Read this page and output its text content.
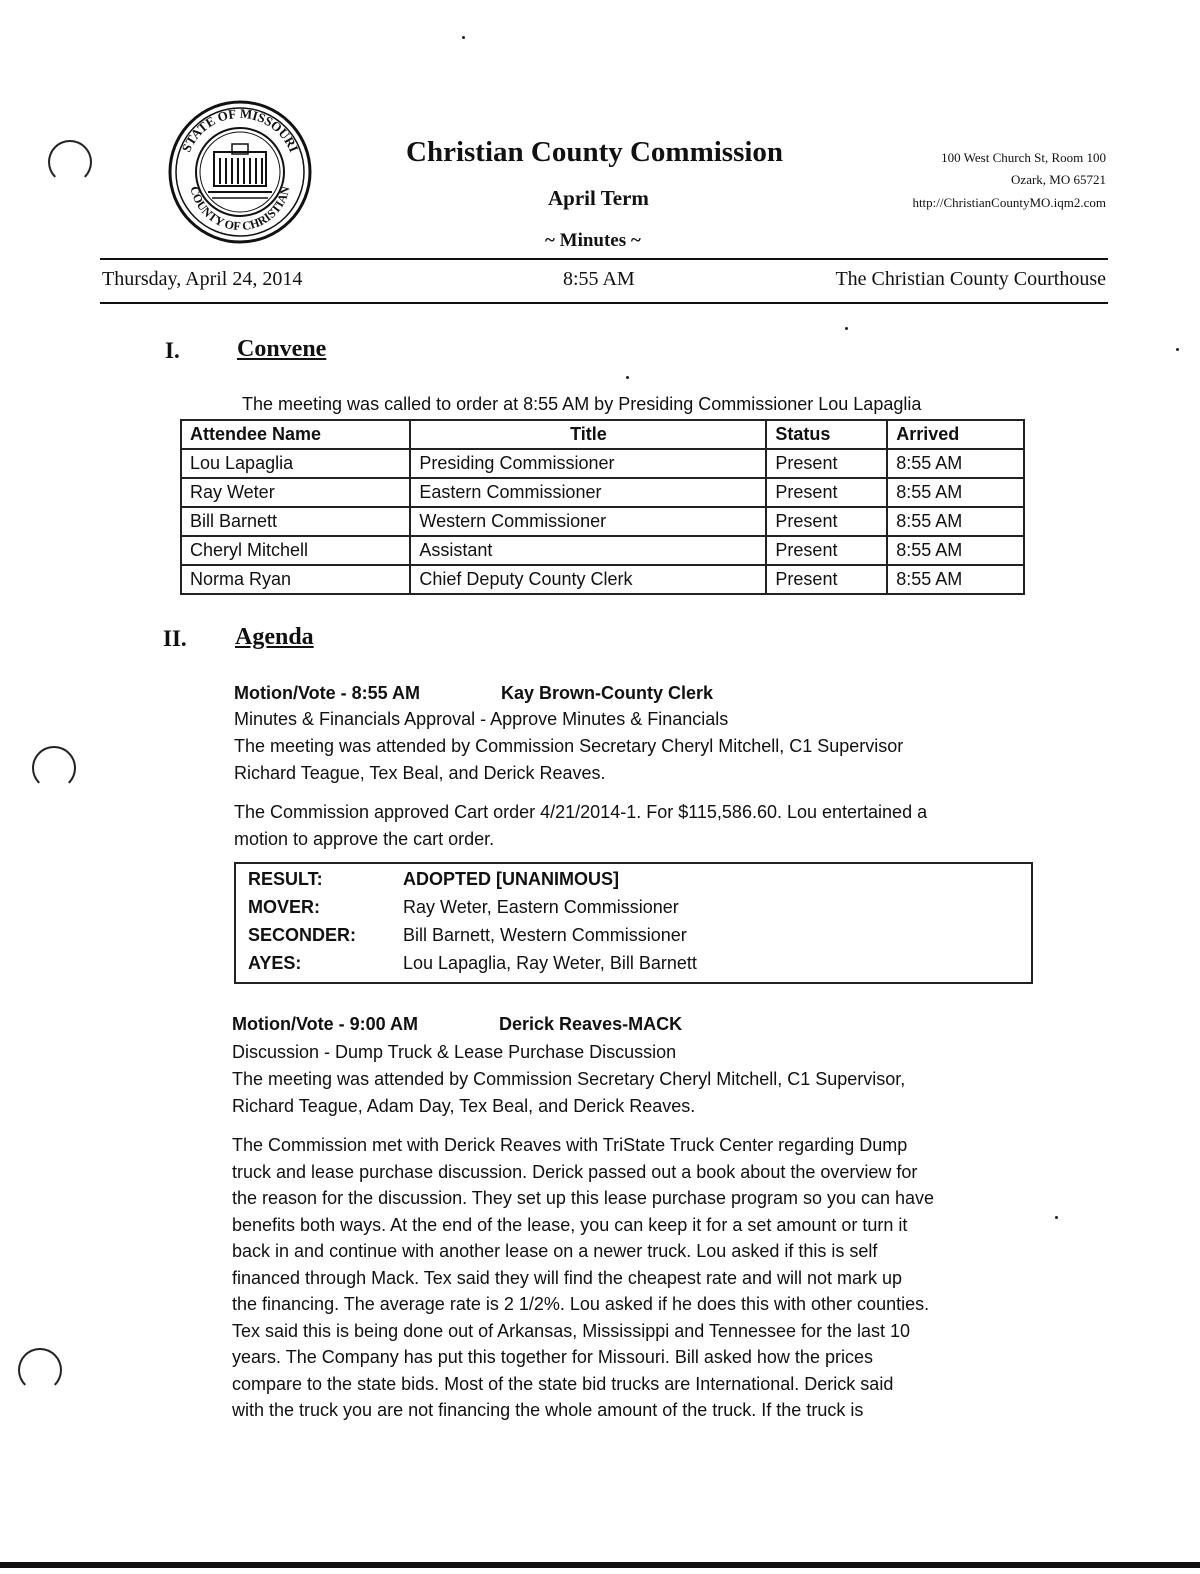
STATE OF MISSOURI
COUNTY OF CHRISTIAN
Christian County Commission
April Term
~ Minutes ~
100 West Church St, Room 100
Ozark, MO 65721
http://ChristianCountyMO.iqm2.com
Thursday, April 24, 2014	8:55 AM	The Christian County Courthouse
I. Convene
The meeting was called to order at 8:55 AM by Presiding Commissioner Lou Lapaglia
Attendee Name	Title	Status	Arrived
Lou Lapaglia	Presiding Commissioner	Present	8:55 AM
Ray Weter	Eastern Commissioner	Present	8:55 AM
Bill Barnett	Western Commissioner	Present	8:55 AM
Cheryl Mitchell	Assistant	Present	8:55 AM
Norma Ryan	Chief Deputy County Clerk	Present	8:55 AM
II. Agenda
Motion/Vote - 8:55 AM	Kay Brown-County Clerk
Minutes & Financials Approval - Approve Minutes & Financials
The meeting was attended by Commission Secretary Cheryl Mitchell, C1 Supervisor
Richard Teague, Tex Beal, and Derick Reaves.
The Commission approved Cart order 4/21/2014-1. For $115,586.60. Lou entertained a
motion to approve the cart order.
RESULT:	ADOPTED [UNANIMOUS]
MOVER:	Ray Weter, Eastern Commissioner
SECONDER:	Bill Barnett, Western Commissioner
AYES:	Lou Lapaglia, Ray Weter, Bill Barnett
Motion/Vote - 9:00 AM	Derick Reaves-MACK
Discussion - Dump Truck & Lease Purchase Discussion
The meeting was attended by Commission Secretary Cheryl Mitchell, C1 Supervisor,
Richard Teague, Adam Day, Tex Beal, and Derick Reaves.
The Commission met with Derick Reaves with TriState Truck Center regarding Dump
truck and lease purchase discussion. Derick passed out a book about the overview for
the reason for the discussion. They set up this lease purchase program so you can have
benefits both ways. At the end of the lease, you can keep it for a set amount or turn it
back in and continue with another lease on a newer truck. Lou asked if this is self
financed through Mack. Tex said they will find the cheapest rate and will not mark up
the financing. The average rate is 2 1/2%. Lou asked if he does this with other counties.
Tex said this is being done out of Arkansas, Mississippi and Tennessee for the last 10
years. The Company has put this together for Missouri. Bill asked how the prices
compare to the state bids. Most of the state bid trucks are International. Derick said
with the truck you are not financing the whole amount of the truck. If the truck is
